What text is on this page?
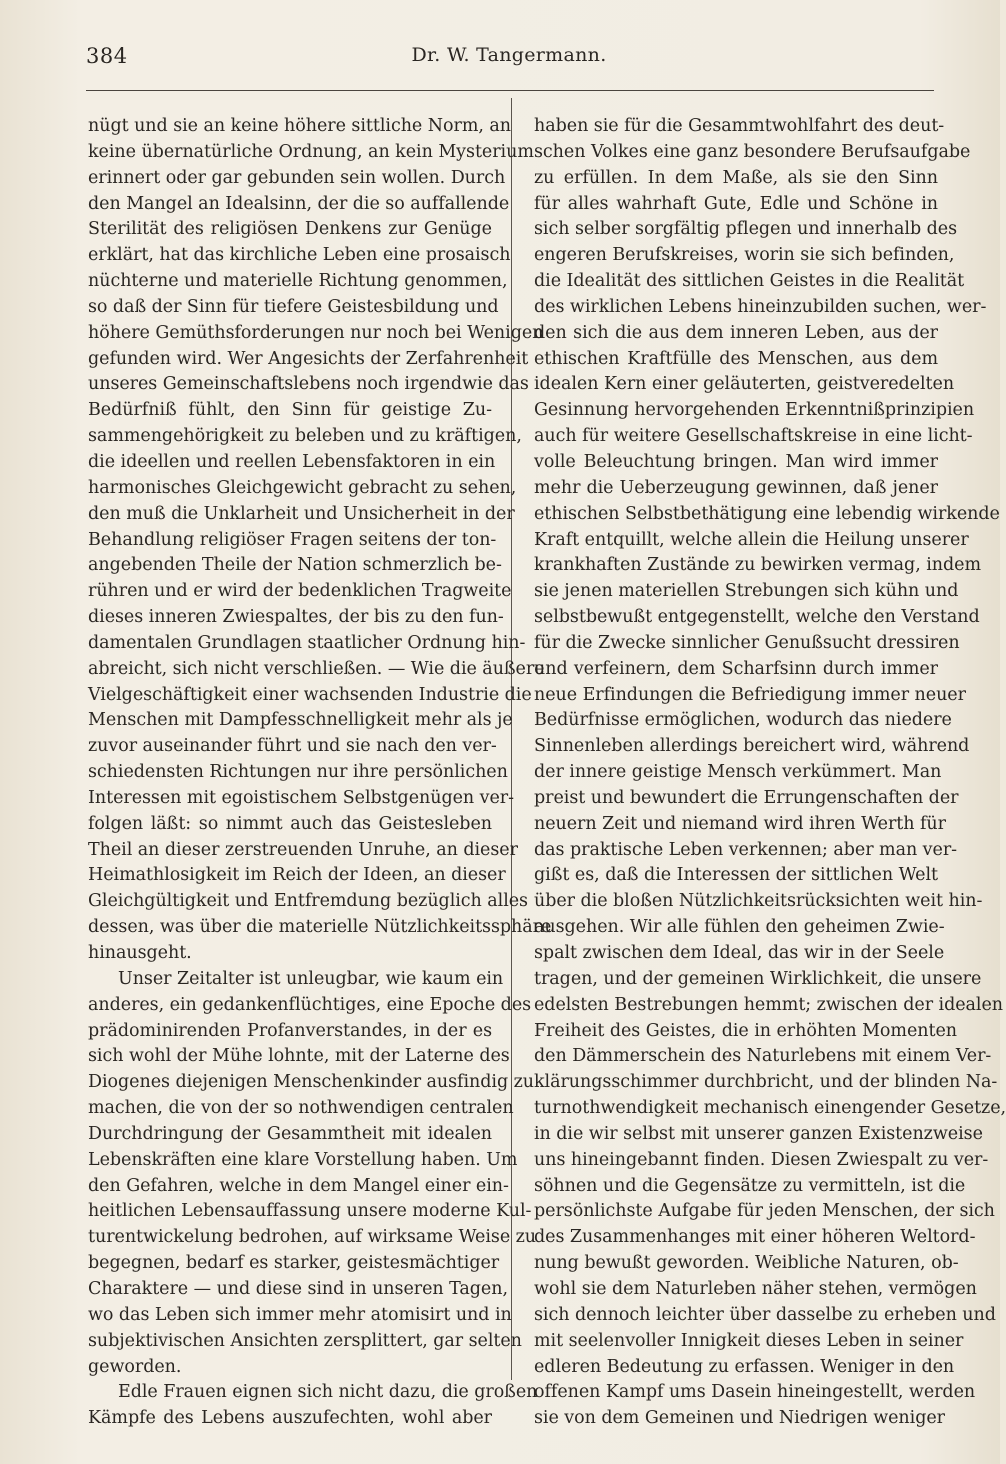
384	Dr. W. Tangermann.
nügt und sie an keine höhere sittliche Norm, an
keine übernatürliche Ordnung, an kein Mysterium
erinnert oder gar gebunden sein wollen. Durch
den Mangel an Idealsinn, der die so auffallende
Sterilität des religiösen Denkens zur Genüge
erklärt, hat das kirchliche Leben eine prosaisch
nüchterne und materielle Richtung genommen,
so daß der Sinn für tiefere Geistesbildung und
höhere Gemüthsforderungen nur noch bei Wenigen
gefunden wird. Wer Angesichts der Zerfahrenheit
unseres Gemeinschaftslebens noch irgendwie das
Bedürfniß fühlt, den Sinn für geistige Zu-
sammengehörigkeit zu beleben und zu kräftigen,
die ideellen und reellen Lebensfaktoren in ein
harmonisches Gleichgewicht gebracht zu sehen,
den muß die Unklarheit und Unsicherheit in der
Behandlung religiöser Fragen seitens der ton-
angebenden Theile der Nation schmerzlich be-
rühren und er wird der bedenklichen Tragweite
dieses inneren Zwiespaltes, der bis zu den fun-
damentalen Grundlagen staatlicher Ordnung hin-
abreicht, sich nicht verschließen. — Wie die äußere
Vielgeschäftigkeit einer wachsenden Industrie die
Menschen mit Dampfesschnelligkeit mehr als je
zuvor auseinander führt und sie nach den ver-
schiedensten Richtungen nur ihre persönlichen
Interessen mit egoistischem Selbstgenügen ver-
folgen läßt: so nimmt auch das Geistesleben
Theil an dieser zerstreuenden Unruhe, an dieser
Heimathlosigkeit im Reich der Ideen, an dieser
Gleichgültigkeit und Entfremdung bezüglich alles
dessen, was über die materielle Nützlichkeitssphäre
hinausgeht.
Unser Zeitalter ist unleugbar, wie kaum ein
anderes, ein gedankenflüchtiges, eine Epoche des
prädominirenden Profanverstandes, in der es
sich wohl der Mühe lohnte, mit der Laterne des
Diogenes diejenigen Menschenkinder ausfindig zu
machen, die von der so nothwendigen centralen
Durchdringung der Gesammtheit mit idealen
Lebenskräften eine klare Vorstellung haben. Um
den Gefahren, welche in dem Mangel einer ein-
heitlichen Lebensauffassung unsere moderne Kul-
turentwickelung bedrohen, auf wirksame Weise zu
begegnen, bedarf es starker, geistesmächtiger
Charaktere — und diese sind in unseren Tagen,
wo das Leben sich immer mehr atomisirt und in
subjektivischen Ansichten zersplittert, gar selten
geworden.
Edle Frauen eignen sich nicht dazu, die großen
Kämpfe des Lebens auszufechten, wohl aber
haben sie für die Gesammtwohlfahrt des deut-
schen Volkes eine ganz besondere Berufsaufgabe
zu erfüllen. In dem Maße, als sie den Sinn
für alles wahrhaft Gute, Edle und Schöne in
sich selber sorgfältig pflegen und innerhalb des
engeren Berufskreises, worin sie sich befinden,
die Idealität des sittlichen Geistes in die Realität
des wirklichen Lebens hineinzubilden suchen, wer-
den sich die aus dem inneren Leben, aus der
ethischen Kraftfülle des Menschen, aus dem
idealen Kern einer geläuterten, geistveredelten
Gesinnung hervorgehenden Erkenntnißprinzipien
auch für weitere Gesellschaftskreise in eine licht-
volle Beleuchtung bringen. Man wird immer
mehr die Ueberzeugung gewinnen, daß jener
ethischen Selbstbethätigung eine lebendig wirkende
Kraft entquillt, welche allein die Heilung unserer
krankhaften Zustände zu bewirken vermag, indem
sie jenen materiellen Strebungen sich kühn und
selbstbewußt entgegenstellt, welche den Verstand
für die Zwecke sinnlicher Genußsucht dressiren
und verfeinern, dem Scharfsinn durch immer
neue Erfindungen die Befriedigung immer neuer
Bedürfnisse ermöglichen, wodurch das niedere
Sinnenleben allerdings bereichert wird, während
der innere geistige Mensch verkümmert. Man
preist und bewundert die Errungenschaften der
neuern Zeit und niemand wird ihren Werth für
das praktische Leben verkennen; aber man ver-
gißt es, daß die Interessen der sittlichen Welt
über die bloßen Nützlichkeitsrücksichten weit hin-
ausgehen. Wir alle fühlen den geheimen Zwie-
spalt zwischen dem Ideal, das wir in der Seele
tragen, und der gemeinen Wirklichkeit, die unsere
edelsten Bestrebungen hemmt; zwischen der idealen
Freiheit des Geistes, die in erhöhten Momenten
den Dämmerschein des Naturlebens mit einem Ver-
klärungsschimmer durchbricht, und der blinden Na-
turnothwendigkeit mechanisch einengender Gesetze,
in die wir selbst mit unserer ganzen Existenzweise
uns hineingebannt finden. Diesen Zwiespalt zu ver-
söhnen und die Gegensätze zu vermitteln, ist die
persönlichste Aufgabe für jeden Menschen, der sich
des Zusammenhanges mit einer höheren Weltord-
nung bewußt geworden. Weibliche Naturen, ob-
wohl sie dem Naturleben näher stehen, vermögen
sich dennoch leichter über dasselbe zu erheben und
mit seelenvoller Innigkeit dieses Leben in seiner
edleren Bedeutung zu erfassen. Weniger in den
offenen Kampf ums Dasein hineingestellt, werden
sie von dem Gemeinen und Niedrigen weniger
